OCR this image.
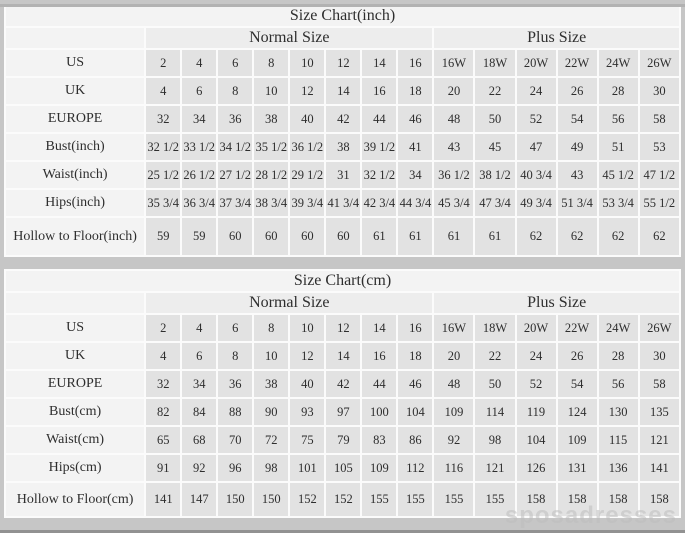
Size Chart(inch)														
	Normal Size								Plus Size					
US	2	4	6	8	10	12	14	16	16W	18W	20W	22W	24W	26W
UK	4	6	8	10	12	14	16	18	20	22	24	26	28	30
EUROPE	32	34	36	38	40	42	44	46	48	50	52	54	56	58
Bust(inch)	32 1/2	33 1/2	34 1/2	35 1/2	36 1/2	38	39 1/2	41	43	45	47	49	51	53
Waist(inch)	25 1/2	26 1/2	27 1/2	28 1/2	29 1/2	31	32 1/2	34	36 1/2	38 1/2	40 3/4	43	45 1/2	47 1/2
Hips(inch)	35 3/4	36 3/4	37 3/4	38 3/4	39 3/4	41 3/4	42 3/4	44 3/4	45 3/4	47 3/4	49 3/4	51 3/4	53 3/4	55 1/2
Hollow to Floor(inch)	59	59	60	60	60	60	61	61	61	61	62	62	62	62
Size Chart(cm)														
	Normal Size								Plus Size					
US	2	4	6	8	10	12	14	16	16W	18W	20W	22W	24W	26W
UK	4	6	8	10	12	14	16	18	20	22	24	26	28	30
EUROPE	32	34	36	38	40	42	44	46	48	50	52	54	56	58
Bust(cm)	82	84	88	90	93	97	100	104	109	114	119	124	130	135
Waist(cm)	65	68	70	72	75	79	83	86	92	98	104	109	115	121
Hips(cm)	91	92	96	98	101	105	109	112	116	121	126	131	136	141
Hollow to Floor(cm)	141	147	150	150	152	152	155	155	155	155	158	158	158	158
sposadresses
